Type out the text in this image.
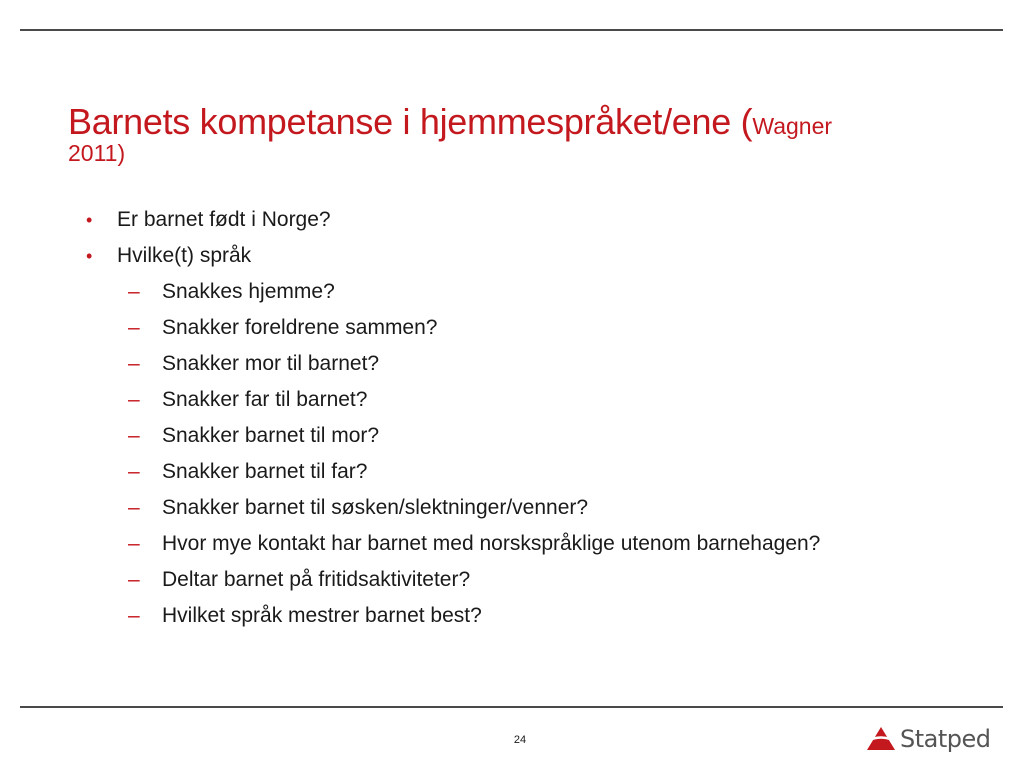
Barnets kompetanse i hjemmespråket/ene (Wagner
2011)
• Er barnet født i Norge?
• Hvilke(t) språk
– Snakkes hjemme?
– Snakker foreldrene sammen?
– Snakker mor til barnet?
– Snakker far til barnet?
– Snakker barnet til mor?
– Snakker barnet til far?
– Snakker barnet til søsken/slektninger/venner?
– Hvor mye kontakt har barnet med norskspråklige utenom barnehagen?
– Deltar barnet på fritidsaktiviteter?
– Hvilket språk mestrer barnet best?
24	Statped
